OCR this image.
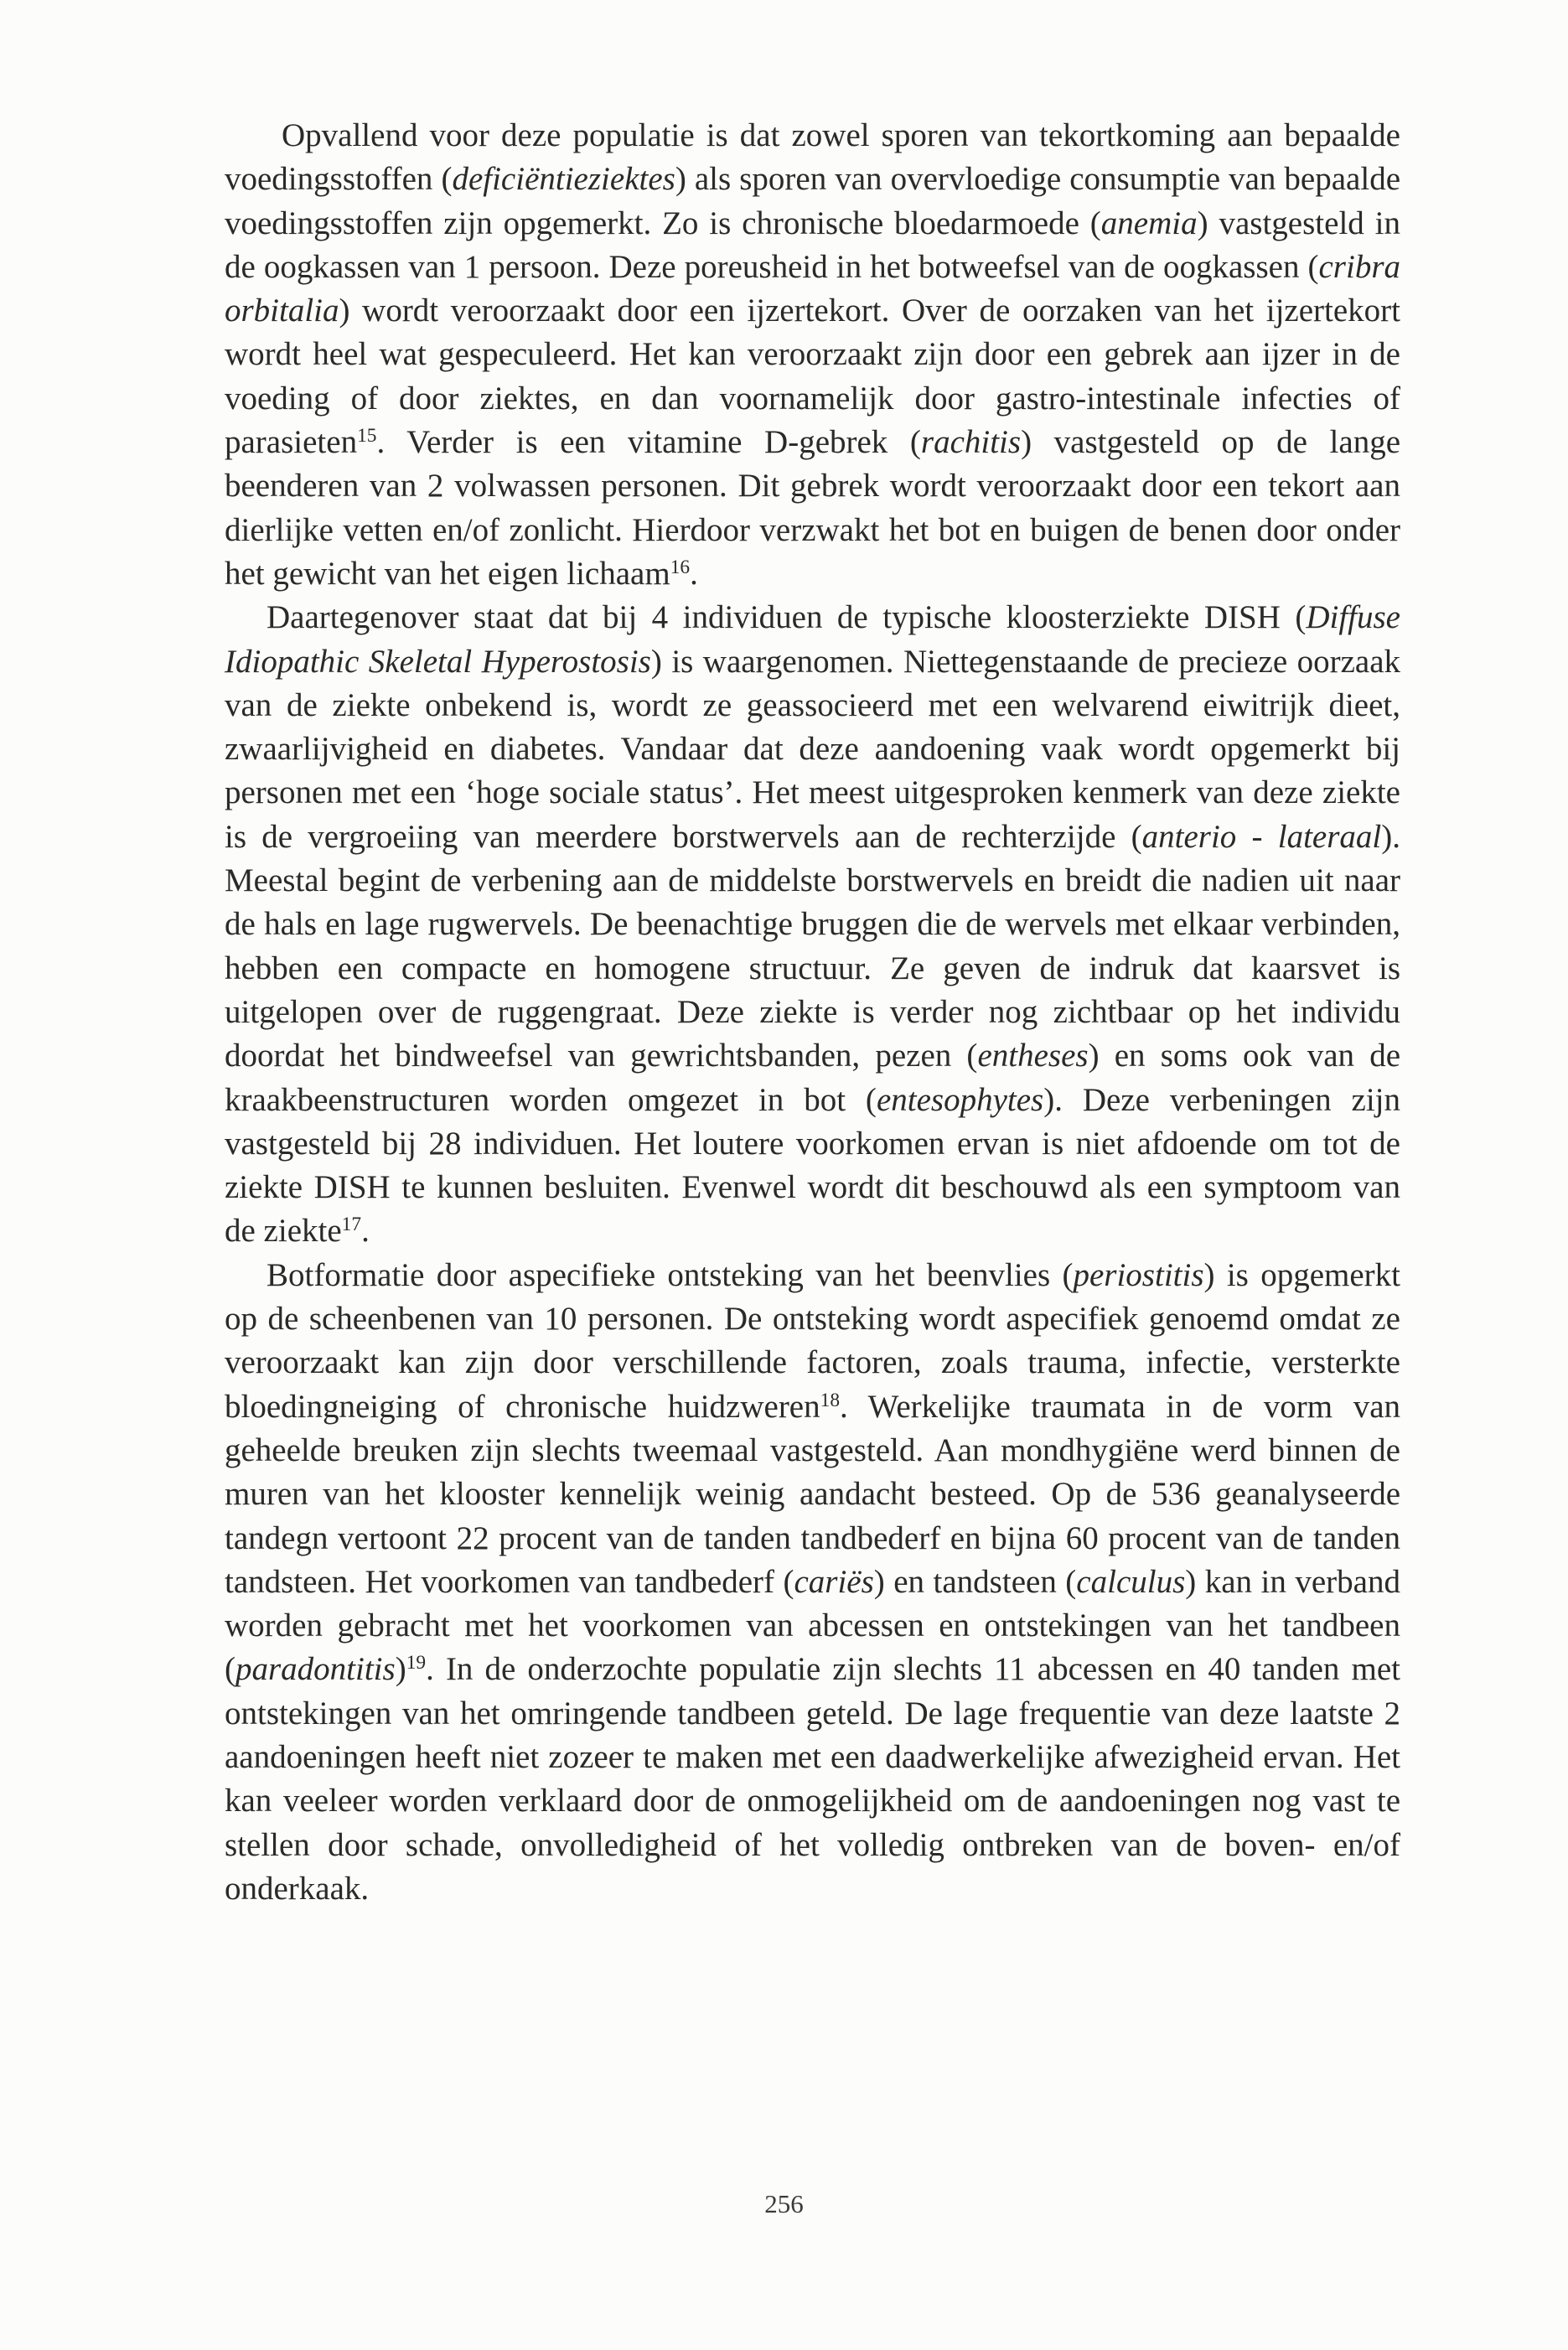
Opvallend voor deze populatie is dat zowel sporen van tekortkoming aan bepaalde voedingsstoffen (deficiëntieziektes) als sporen van overvloedige consumptie van bepaalde voedingsstoffen zijn opgemerkt. Zo is chronische bloedarmoede (anemia) vastgesteld in de oogkassen van 1 persoon. Deze poreusheid in het botweefsel van de oogkassen (cribra orbitalia) wordt veroorzaakt door een ijzertekort. Over de oorzaken van het ijzertekort wordt heel wat gespeculeerd. Het kan veroorzaakt zijn door een gebrek aan ijzer in de voeding of door ziektes, en dan voornamelijk door gastro-intestinale infecties of parasieten$^{15}$. Verder is een vitamine D-gebrek (rachitis) vastgesteld op de lange beenderen van 2 volwassen personen. Dit gebrek wordt veroorzaakt door een tekort aan dierlijke vetten en/of zonlicht. Hierdoor verzwakt het bot en buigen de benen door onder het gewicht van het eigen lichaam$^{16}$.

Daartegenover staat dat bij 4 individuen de typische kloosterziekte DISH (Diffuse Idiopathic Skeletal Hyperostosis) is waargenomen. Niettegenstaande de precieze oorzaak van de ziekte onbekend is, wordt ze geassocieerd met een welvarend eiwitrijk dieet, zwaarlijvigheid en diabetes. Vandaar dat deze aandoening vaak wordt opgemerkt bij personen met een ‘hoge sociale status’. Het meest uitgesproken kenmerk van deze ziekte is de vergroeiing van meerdere borstwervels aan de rechterzijde (anterio - lateraal). Meestal begint de verbening aan de middelste borstwervels en breidt die nadien uit naar de hals en lage rugwervels. De beenachtige bruggen die de wervels met elkaar verbinden, hebben een compacte en homogene structuur. Ze geven de indruk dat kaarsvet is uitgelopen over de ruggengraat. Deze ziekte is verder nog zichtbaar op het individu doordat het bindweefsel van gewrichtsbanden, pezen (entheses) en soms ook van de kraakbeenstructuren worden omgezet in bot (entesophytes). Deze verbeningen zijn vastgesteld bij 28 individuen. Het loutere voorkomen ervan is niet afdoende om tot de ziekte DISH te kunnen besluiten. Evenwel wordt dit beschouwd als een symptoom van de ziekte$^{17}$.

Botformatie door aspecifieke ontsteking van het beenvlies (periostitis) is opgemerkt op de scheenbenen van 10 personen. De ontsteking wordt aspecifiek genoemd omdat ze veroorzaakt kan zijn door verschillende factoren, zoals trauma, infectie, versterkte bloedingneiging of chronische huidzweren$^{18}$. Werkelijke traumata in de vorm van geheelde breuken zijn slechts tweemaal vastgesteld. Aan mondhygiëne werd binnen de muren van het klooster kennelijk weinig aandacht besteed. Op de 536 geanalyseerde tandegn vertoont 22 procent van de tanden tandbederf en bijna 60 procent van de tanden tandsteen. Het voorkomen van tandbederf (cariës) en tandsteen (calculus) kan in verband worden gebracht met het voorkomen van abcessen en ontstekingen van het tandbeen (paradontitis)$^{19}$. In de onderzochte populatie zijn slechts 11 abcessen en 40 tanden met ontstekingen van het omringende tandbeen geteld. De lage frequentie van deze laatste 2 aandoeningen heeft niet zozeer te maken met een daadwerkelijke afwezigheid ervan. Het kan veeleer worden verklaard door de onmogelijkheid om de aandoeningen nog vast te stellen door schade, onvolledigheid of het volledig ontbreken van de boven- en/of onderkaak.

256
